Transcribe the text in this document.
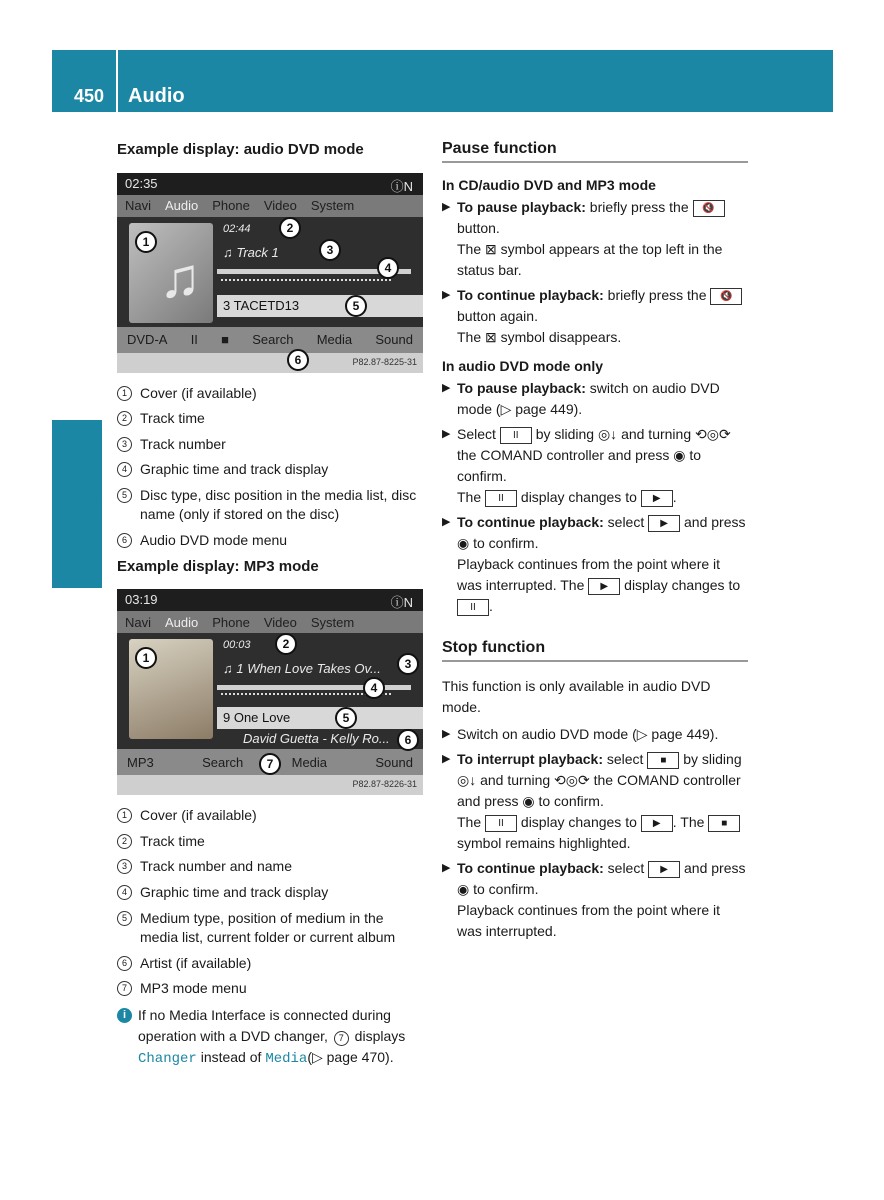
450 Audio
COMAND
Example display: audio DVD mode
02:35	ⓘN
Navi Audio Phone Video System
♫
02:44
♫ Track 1
3 TACETD13
1
2
3
4
5
DVD-A II ■ Search Media Sound
6	P82.87-8225-31
1 Cover (if available)
2 Track time
3 Track number
4 Graphic time and track display
5 Disc type, disc position in the media list, disc name (only if stored on the disc)
6 Audio DVD mode menu
Example display: MP3 mode
03:19	ⓘN
Navi Audio Phone Video System
00:03
♫ 1 When Love Takes Ov...
9 One Love
David Guetta - Kelly Ro...
1
2
3
4
5
6
MP3	Search	Media	Sound
7
P82.87-8226-31
1 Cover (if available)
2 Track time
3 Track number and name
4 Graphic time and track display
5 Medium type, position of medium in the media list, current folder or current album
6 Artist (if available)
7 MP3 mode menu
i If no Media Interface is connected during operation with a DVD changer, 7 displays Changer instead of Media(▷ page 470).
Pause function
In CD/audio DVD and MP3 mode
▶ To pause playback: briefly press the 🔇 button.
The ⊠ symbol appears at the top left in the status bar.
▶ To continue playback: briefly press the 🔇 button again.
The ⊠ symbol disappears.
In audio DVD mode only
▶ To pause playback: switch on audio DVD mode (▷ page 449).
▶ Select II by sliding ◎↓ and turning ⟲◎⟳ the COMAND controller and press ◉ to confirm.
The II display changes to ▶ .
▶ To continue playback: select ▶ and press ◉ to confirm.
Playback continues from the point where it was interrupted. The ▶ display changes to II .
Stop function

This function is only available in audio DVD mode.

▶ Switch on audio DVD mode (▷ page 449).
▶ To interrupt playback: select ■ by sliding ◎↓ and turning ⟲◎⟳ the COMAND controller and press ◉ to confirm.
The II display changes to ▶ . The ■ symbol remains highlighted.
▶ To continue playback: select ▶ and press ◉ to confirm.
Playback continues from the point where it was interrupted.
